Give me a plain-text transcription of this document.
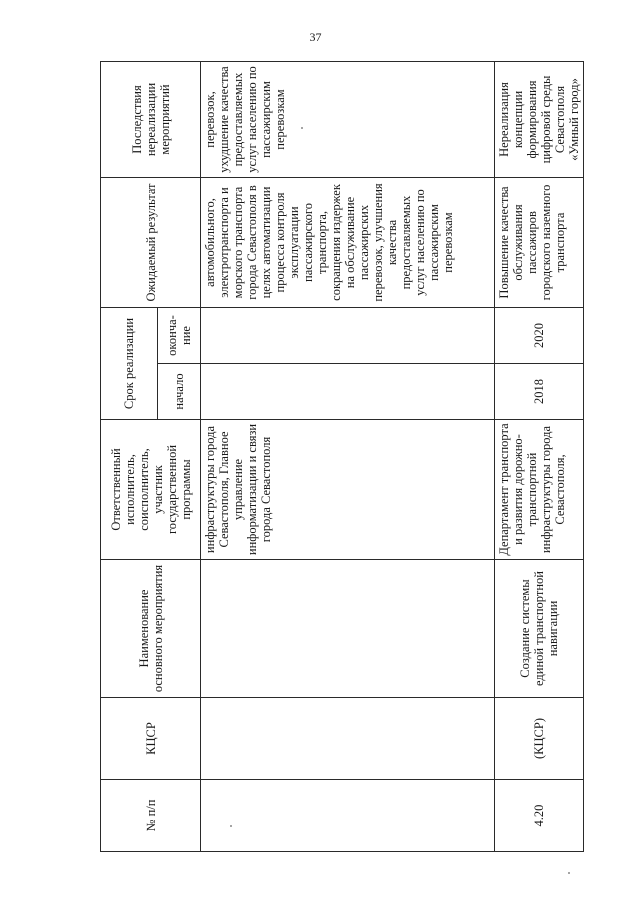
37
№ п/п	КЦСР	Наименование основного мероприятия	Ответственный исполнитель, соисполнитель, участник государственной программы	Срок реализации		Ожидаемый результат	Последствия нереализации мероприятий
				начало	оконча-ние		
			инфраструктуры города Севастополя, Главное управление информатизации и связи города Севастополя			автомобильного, электротранспорта и морского транспорта города Севастополя в целях автоматизации процесса контроля эксплуатации пассажирского транспорта, сокращения издержек на обслуживание пассажирских перевозок, улучшения качества предоставляемых услуг населению по пассажирским перевозкам	перевозок, ухудшение качества предоставляемых услуг населению по пассажирским перевозкам
4.20	(КЦСР)	Создание системы единой транспортной навигации	Департамент транспорта и развития дорожно-транспортной инфраструктуры города Севастополя,	2018	2020	Повышение качества обслуживания пассажиров городского наземного транспорта	Нереализация концепции формирования цифровой среды Севастополя «Умный город»
